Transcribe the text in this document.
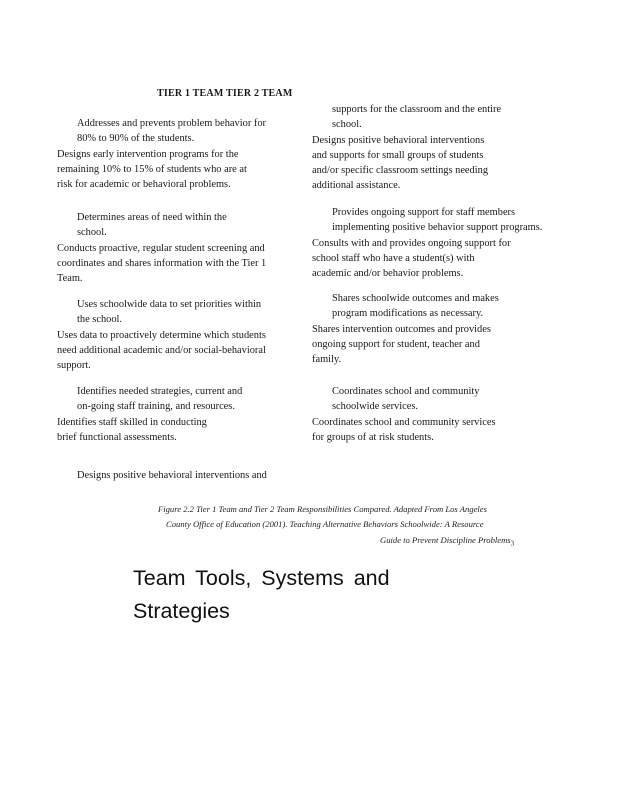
TIER 1 TEAM TIER 2 TEAM
Addresses and prevents problem behavior for
80% to 90% of the students.
Designs early intervention programs for the
remaining 10% to 15% of students who are at
risk for academic or behavioral problems.
Determines areas of need within the
school.
Conducts proactive, regular student screening and
coordinates and shares information with the Tier 1
Team.
Uses schoolwide data to set priorities within
the school.
Uses data to proactively determine which students
need additional academic and/or social-behavioral
support.
Identifies needed strategies, current and
on-going staff training, and resources.
Identifies staff skilled in conducting
brief functional assessments.
Designs positive behavioral interventions and
supports for the classroom and the entire
school.
Designs positive behavioral interventions
and supports for small groups of students
and/or specific classroom settings needing
additional assistance.
Provides ongoing support for staff members
implementing positive behavior support programs.
Consults with and provides ongoing support for
school staff who have a student(s) with
academic and/or behavior problems.
Shares schoolwide outcomes and makes
program modifications as necessary.
Shares intervention outcomes and provides
ongoing support for student, teacher and
family.
Coordinates school and community
schoolwide services.
Coordinates school and community services
for groups of at risk students.
Figure 2.2 Tier 1 Team and Tier 2 Team Responsibilities Compared. Adapted From Los Angeles
County Office of Education (2001). Teaching Alternative Behaviors Schoolwide: A Resource
Guide to Prevent Discipline Problems$_3$
Team Tools, Systems and
Strategies
